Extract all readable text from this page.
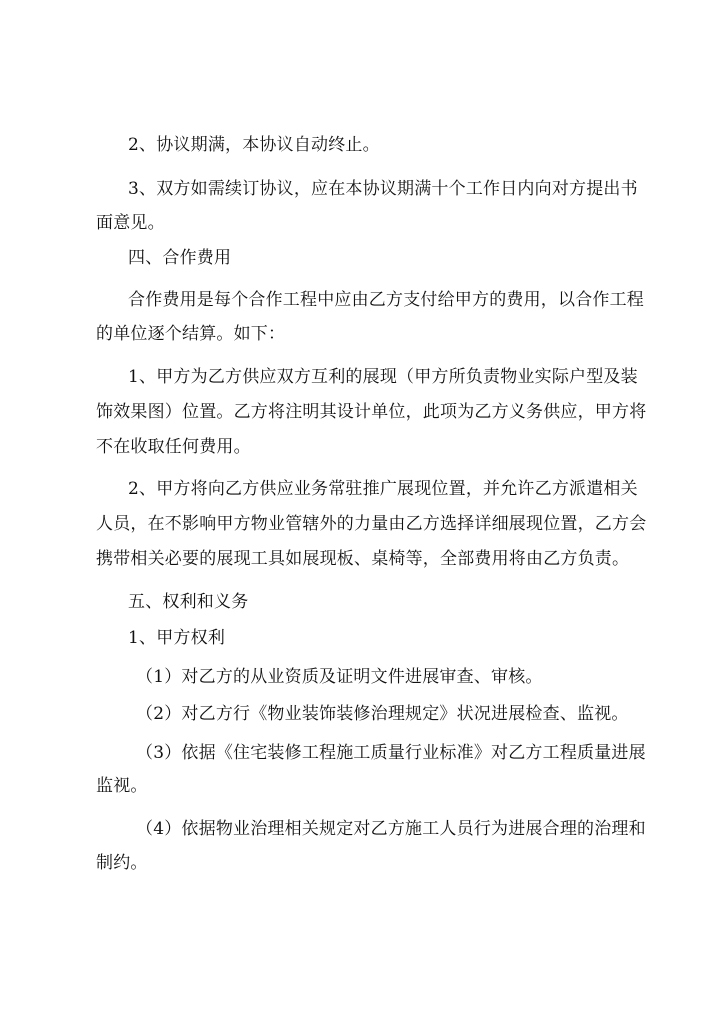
2、协议期满，本协议自动终止。
3、双方如需续订协议，应在本协议期满十个工作日内向对方提出书
面意见。
四、合作费用
合作费用是每个合作工程中应由乙方支付给甲方的费用，以合作工程
的单位逐个结算。如下：
1、甲方为乙方供应双方互利的展现（甲方所负责物业实际户型及装
饰效果图）位置。乙方将注明其设计单位，此项为乙方义务供应，甲方将
不在收取任何费用。
2、甲方将向乙方供应业务常驻推广展现位置，并允许乙方派遣相关
人员，在不影响甲方物业管辖外的力量由乙方选择详细展现位置，乙方会
携带相关必要的展现工具如展现板、桌椅等，全部费用将由乙方负责。
五、权利和义务
1、甲方权利
（1）对乙方的从业资质及证明文件进展审查、审核。
（2）对乙方行《物业装饰装修治理规定》状况进展检查、监视。
（3）依据《住宅装修工程施工质量行业标准》对乙方工程质量进展
监视。
（4）依据物业治理相关规定对乙方施工人员行为进展合理的治理和
制约。
